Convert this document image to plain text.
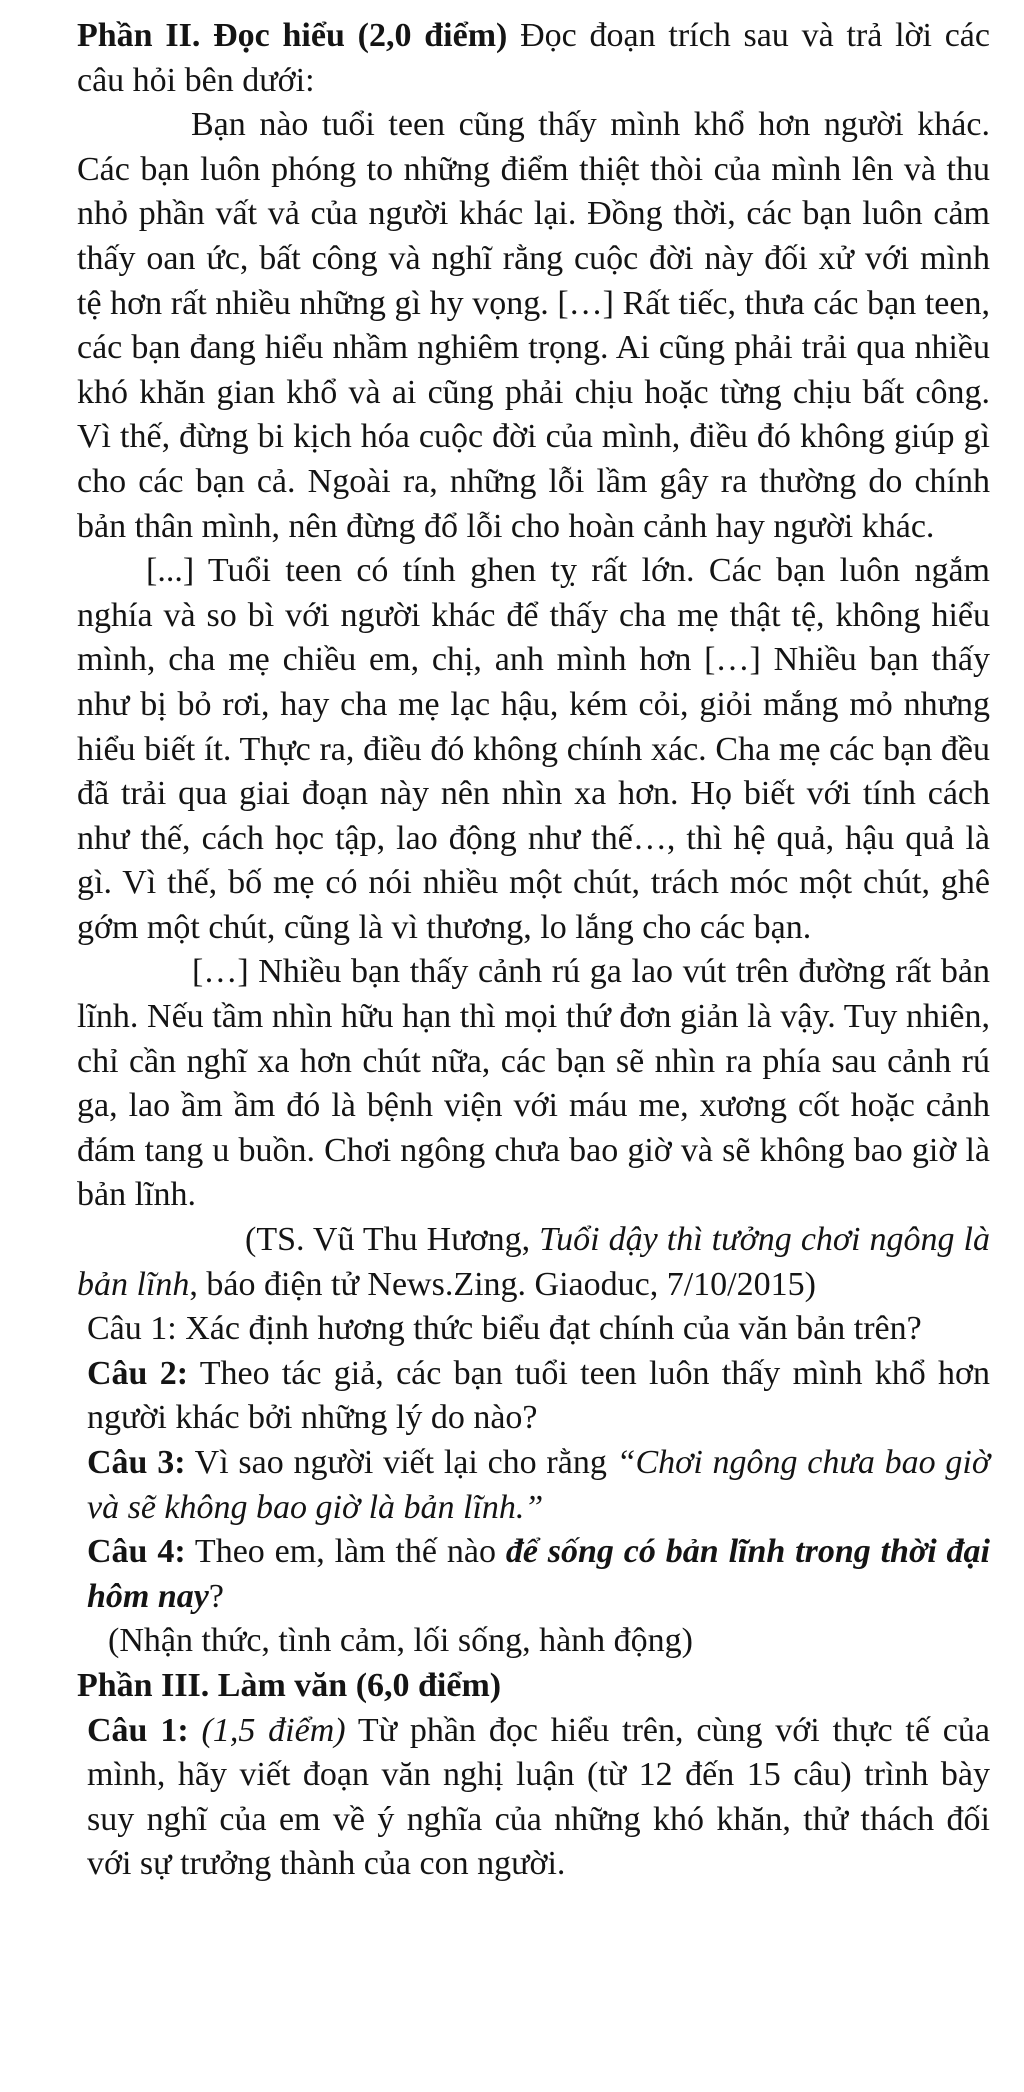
Phần II. Đọc hiểu (2,0 điểm) Đọc đoạn trích sau và trả lời các câu hỏi bên dưới:

Bạn nào tuổi teen cũng thấy mình khổ hơn người khác. Các bạn luôn phóng to những điểm thiệt thòi của mình lên và thu nhỏ phần vất vả của người khác lại. Đồng thời, các bạn luôn cảm thấy oan ức, bất công và nghĩ rằng cuộc đời này đối xử với mình tệ hơn rất nhiều những gì hy vọng. […] Rất tiếc, thưa các bạn teen, các bạn đang hiểu nhầm nghiêm trọng. Ai cũng phải trải qua nhiều khó khăn gian khổ và ai cũng phải chịu hoặc từng chịu bất công. Vì thế, đừng bi kịch hóa cuộc đời của mình, điều đó không giúp gì cho các bạn cả. Ngoài ra, những lỗi lầm gây ra thường do chính bản thân mình, nên đừng đổ lỗi cho hoàn cảnh hay người khác.

[...] Tuổi teen có tính ghen tỵ rất lớn. Các bạn luôn ngắm nghía và so bì với người khác để thấy cha mẹ thật tệ, không hiểu mình, cha mẹ chiều em, chị, anh mình hơn […] Nhiều bạn thấy như bị bỏ rơi, hay cha mẹ lạc hậu, kém cỏi, giỏi mắng mỏ nhưng hiểu biết ít. Thực ra, điều đó không chính xác. Cha mẹ các bạn đều đã trải qua giai đoạn này nên nhìn xa hơn. Họ biết với tính cách như thế, cách học tập, lao động như thế…, thì hệ quả, hậu quả là gì. Vì thế, bố mẹ có nói nhiều một chút, trách móc một chút, ghê gớm một chút, cũng là vì thương, lo lắng cho các bạn.

[…] Nhiều bạn thấy cảnh rú ga lao vút trên đường rất bản lĩnh. Nếu tầm nhìn hữu hạn thì mọi thứ đơn giản là vậy. Tuy nhiên, chỉ cần nghĩ xa hơn chút nữa, các bạn sẽ nhìn ra phía sau cảnh rú ga, lao ầm ầm đó là bệnh viện với máu me, xương cốt hoặc cảnh đám tang u buồn. Chơi ngông chưa bao giờ và sẽ không bao giờ là bản lĩnh.

(TS. Vũ Thu Hương, Tuổi dậy thì tưởng chơi ngông là bản lĩnh, báo điện tử News.Zing. Giaoduc, 7/10/2015)

Câu 1: Xác định hương thức biểu đạt chính của văn bản trên?

Câu 2: Theo tác giả, các bạn tuổi teen luôn thấy mình khổ hơn người khác bởi những lý do nào?

Câu 3: Vì sao người viết lại cho rằng “Chơi ngông chưa bao giờ và sẽ không bao giờ là bản lĩnh.”

Câu 4: Theo em, làm thế nào để sống có bản lĩnh trong thời đại hôm nay?

(Nhận thức, tình cảm, lối sống, hành động)

Phần III. Làm văn (6,0 điểm)

Câu 1: (1,5 điểm) Từ phần đọc hiểu trên, cùng với thực tế của mình, hãy viết đoạn văn nghị luận (từ 12 đến 15 câu) trình bày suy nghĩ của em về ý nghĩa của những khó khăn, thử thách đối với sự trưởng thành của con người.
